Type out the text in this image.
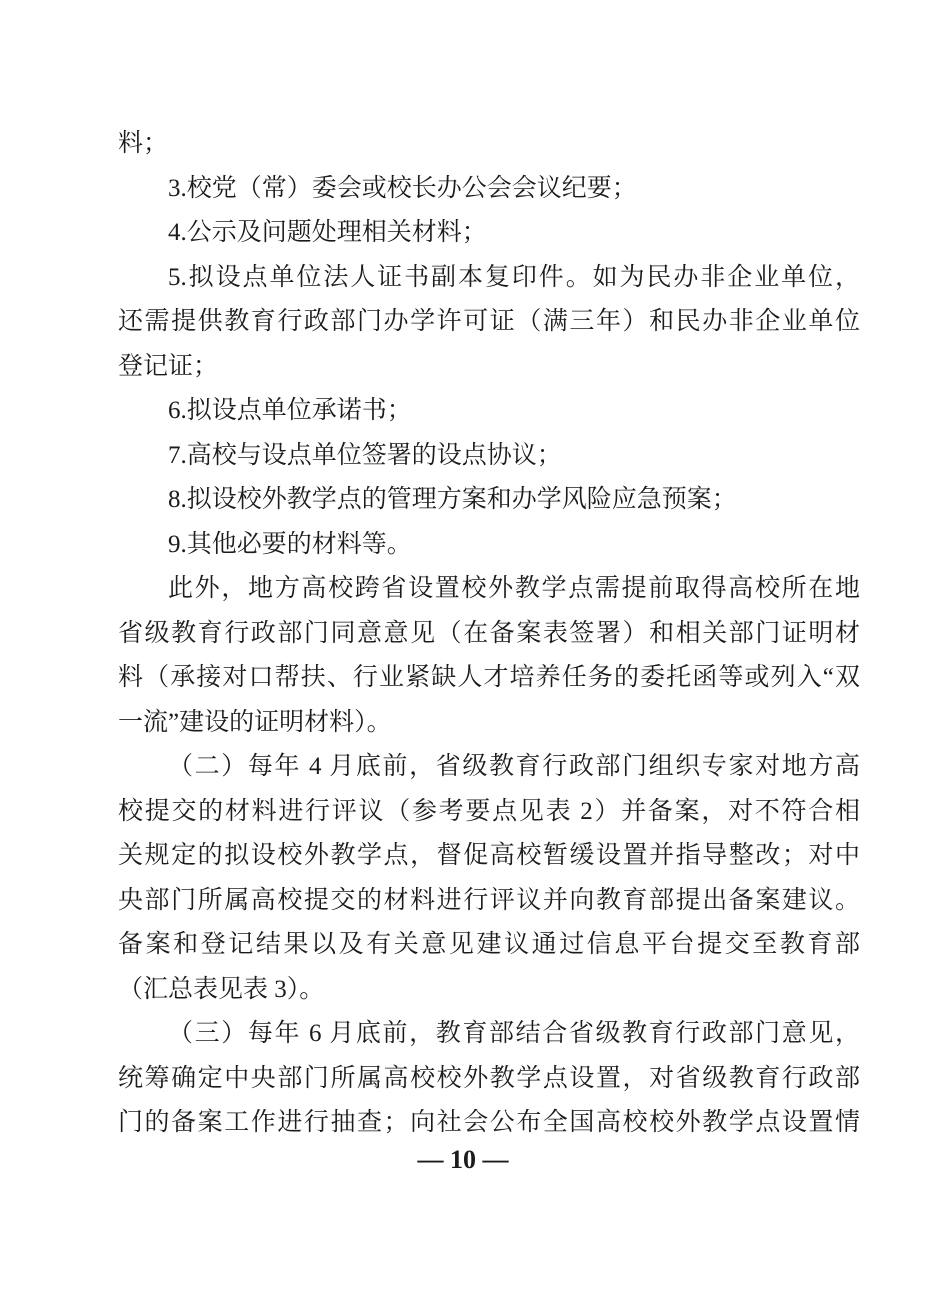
料；
3.校党（常）委会或校长办公会会议纪要；
4.公示及问题处理相关材料；
5.拟设点单位法人证书副本复印件。如为民办非企业单位，
还需提供教育行政部门办学许可证（满三年）和民办非企业单位
登记证；
6.拟设点单位承诺书；
7.高校与设点单位签署的设点协议；
8.拟设校外教学点的管理方案和办学风险应急预案；
9.其他必要的材料等。
此外，地方高校跨省设置校外教学点需提前取得高校所在地
省级教育行政部门同意意见（在备案表签署）和相关部门证明材
料（承接对口帮扶、行业紧缺人才培养任务的委托函等或列入“双
一流”建设的证明材料）。
（二）每年 4 月底前，省级教育行政部门组织专家对地方高
校提交的材料进行评议（参考要点见表 2）并备案，对不符合相
关规定的拟设校外教学点，督促高校暂缓设置并指导整改；对中
央部门所属高校提交的材料进行评议并向教育部提出备案建议。
备案和登记结果以及有关意见建议通过信息平台提交至教育部
（汇总表见表 3）。
（三）每年 6 月底前，教育部结合省级教育行政部门意见，
统筹确定中央部门所属高校校外教学点设置，对省级教育行政部
门的备案工作进行抽查；向社会公布全国高校校外教学点设置情
— 10 —
